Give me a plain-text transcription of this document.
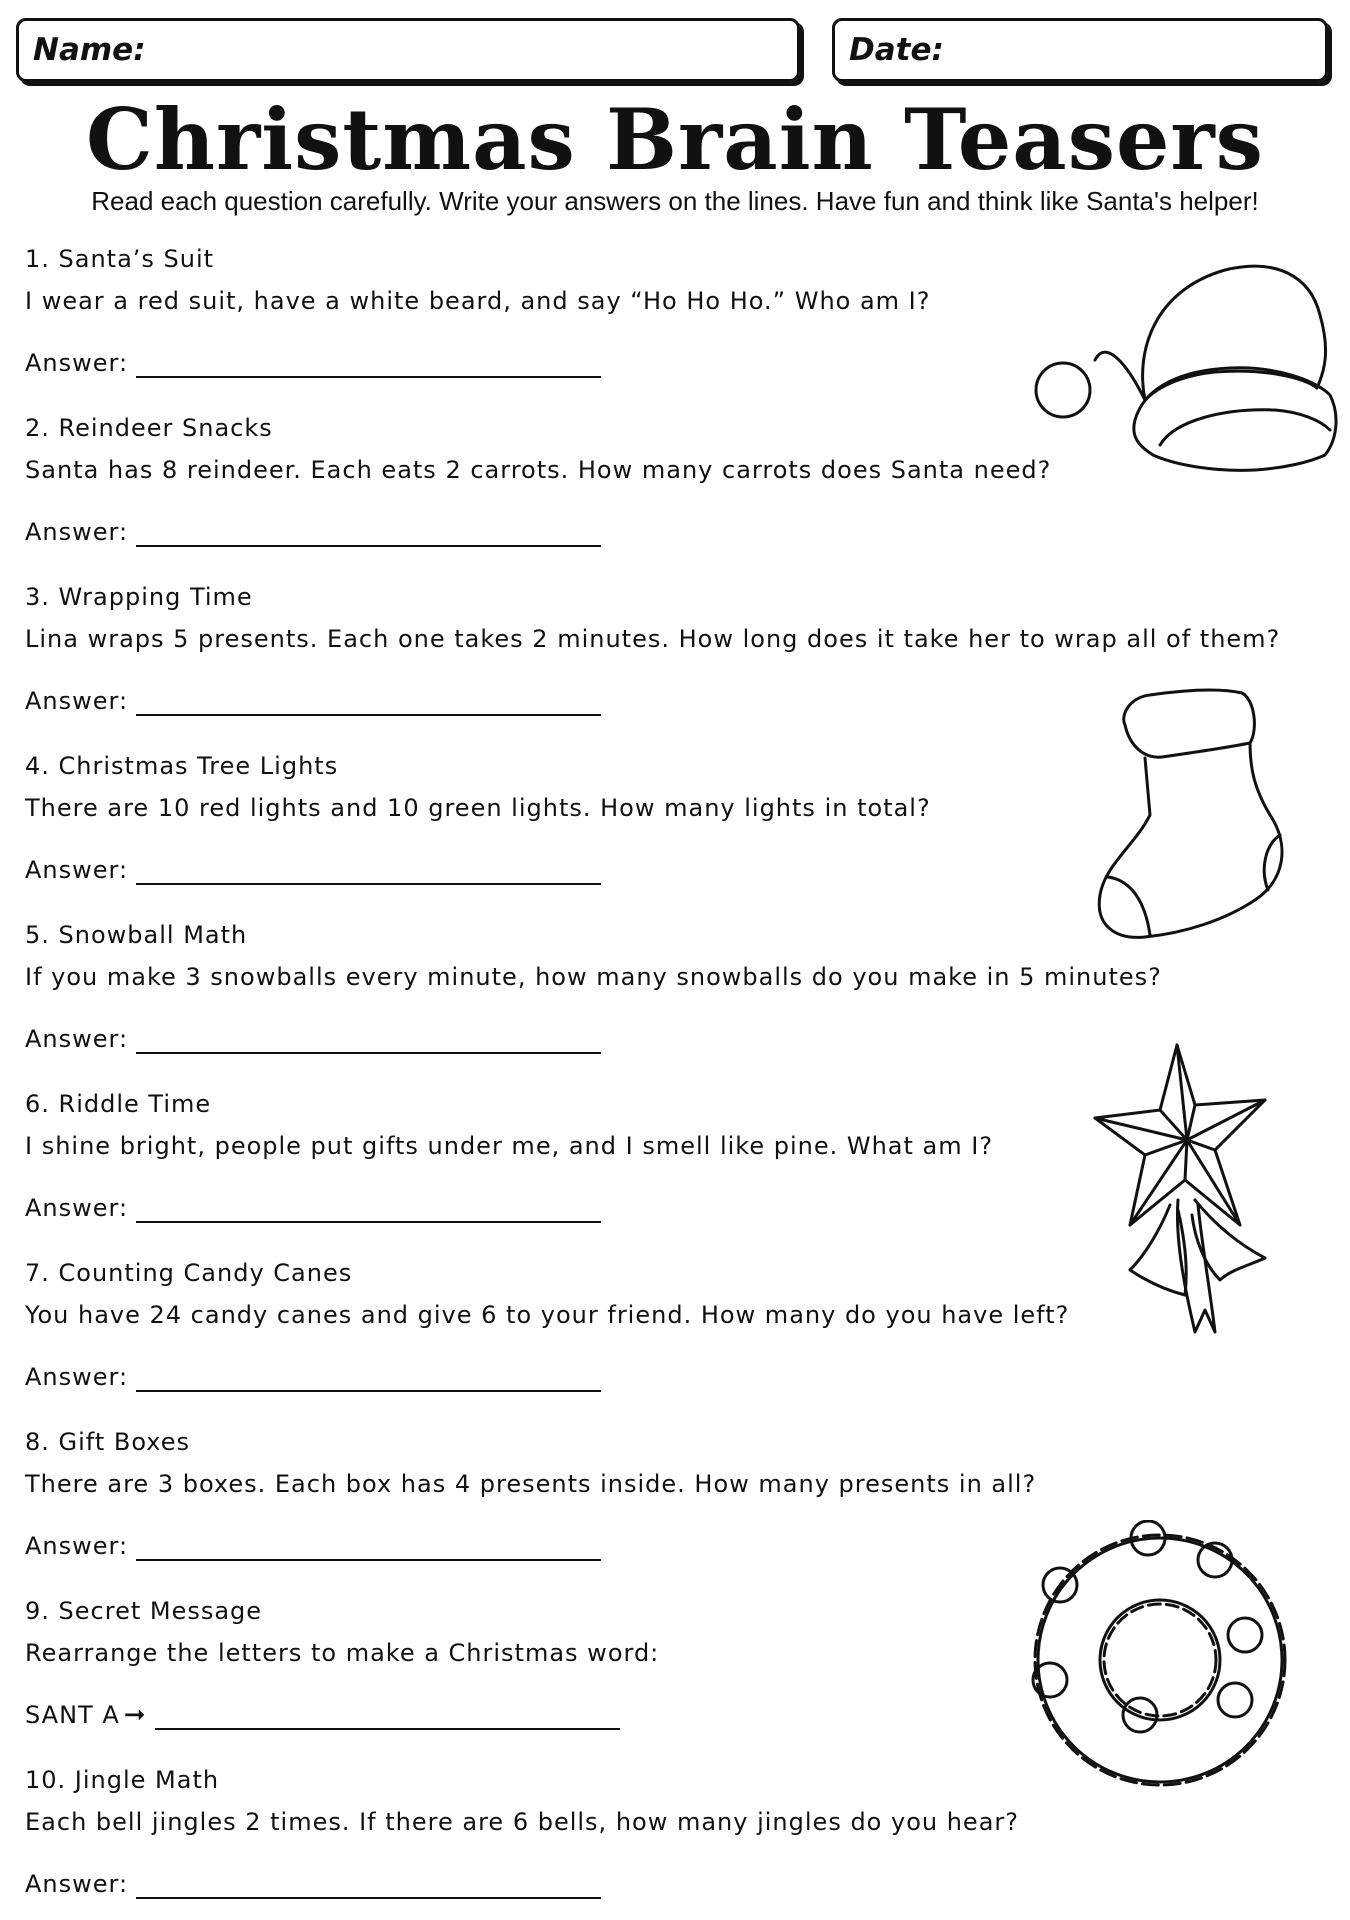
Name:	Date:
Christmas Brain Teasers
Read each question carefully. Write your answers on the lines. Have fun and think like Santa's helper!
1. Santa’s Suit
I wear a red suit, have a white beard, and say “Ho Ho Ho.” Who am I?
Answer:
2. Reindeer Snacks
Santa has 8 reindeer. Each eats 2 carrots. How many carrots does Santa need?
Answer:
3. Wrapping Time
Lina wraps 5 presents. Each one takes 2 minutes. How long does it take her to wrap all of them?
Answer:
4. Christmas Tree Lights
There are 10 red lights and 10 green lights. How many lights in total?
Answer:
5. Snowball Math
If you make 3 snowballs every minute, how many snowballs do you make in 5 minutes?
Answer:
6. Riddle Time
I shine bright, people put gifts under me, and I smell like pine. What am I?
Answer:
7. Counting Candy Canes
You have 24 candy canes and give 6 to your friend. How many do you have left?
Answer:
8. Gift Boxes
There are 3 boxes. Each box has 4 presents inside. How many presents in all?
Answer:
9. Secret Message
Rearrange the letters to make a Christmas word:
SANT A ➞
10. Jingle Math
Each bell jingles 2 times. If there are 6 bells, how many jingles do you hear?
Answer:
